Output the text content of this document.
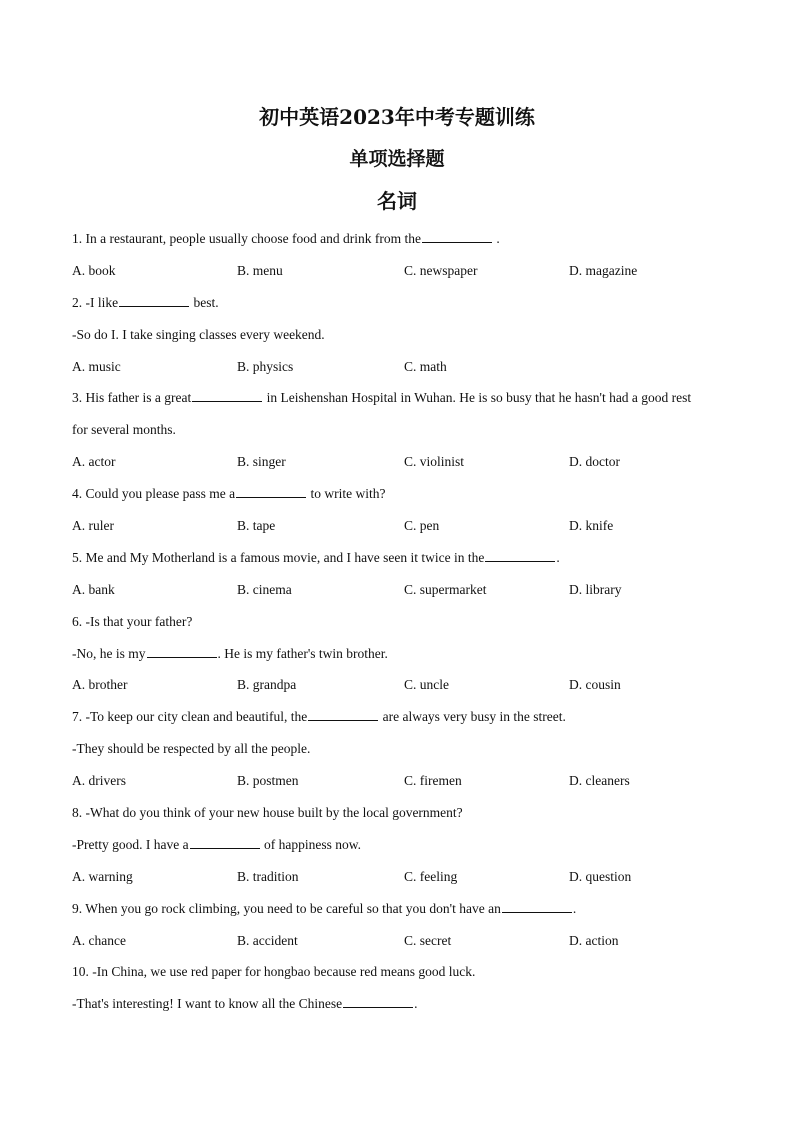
初中英语2023年中考专题训练
单项选择题
名词
1. In a restaurant, people usually choose food and drink from the	.
A. book	B. menu	C. newspaper	D. magazine
2. -I like	best.
-So do I. I take singing classes every weekend.
A. music	B. physics	C. math
3. His father is a great	in Leishenshan Hospital in Wuhan. He is so busy that he hasn't had a good rest
for several months.
A. actor	B. singer	C. violinist	D. doctor
4. Could you please pass me a	to write with?
A. ruler	B. tape	C. pen	D. knife
5. Me and My Motherland is a famous movie, and I have seen it twice in the	.
A. bank	B. cinema	C. supermarket	D. library
6. -Is that your father?
-No, he is my	. He is my father's twin brother.
A. brother	B. grandpa	C. uncle	D. cousin
7. -To keep our city clean and beautiful, the	are always very busy in the street.
-They should be respected by all the people.
A. drivers	B. postmen	C. firemen	D. cleaners
8. -What do you think of your new house built by the local government?
-Pretty good. I have a	of happiness now.
A. warning	B. tradition	C. feeling	D. question
9. When you go rock climbing, you need to be careful so that you don't have an	.
A. chance	B. accident	C. secret	D. action
10. -In China, we use red paper for hongbao because red means good luck.
-That's interesting! I want to know all the Chinese	.
